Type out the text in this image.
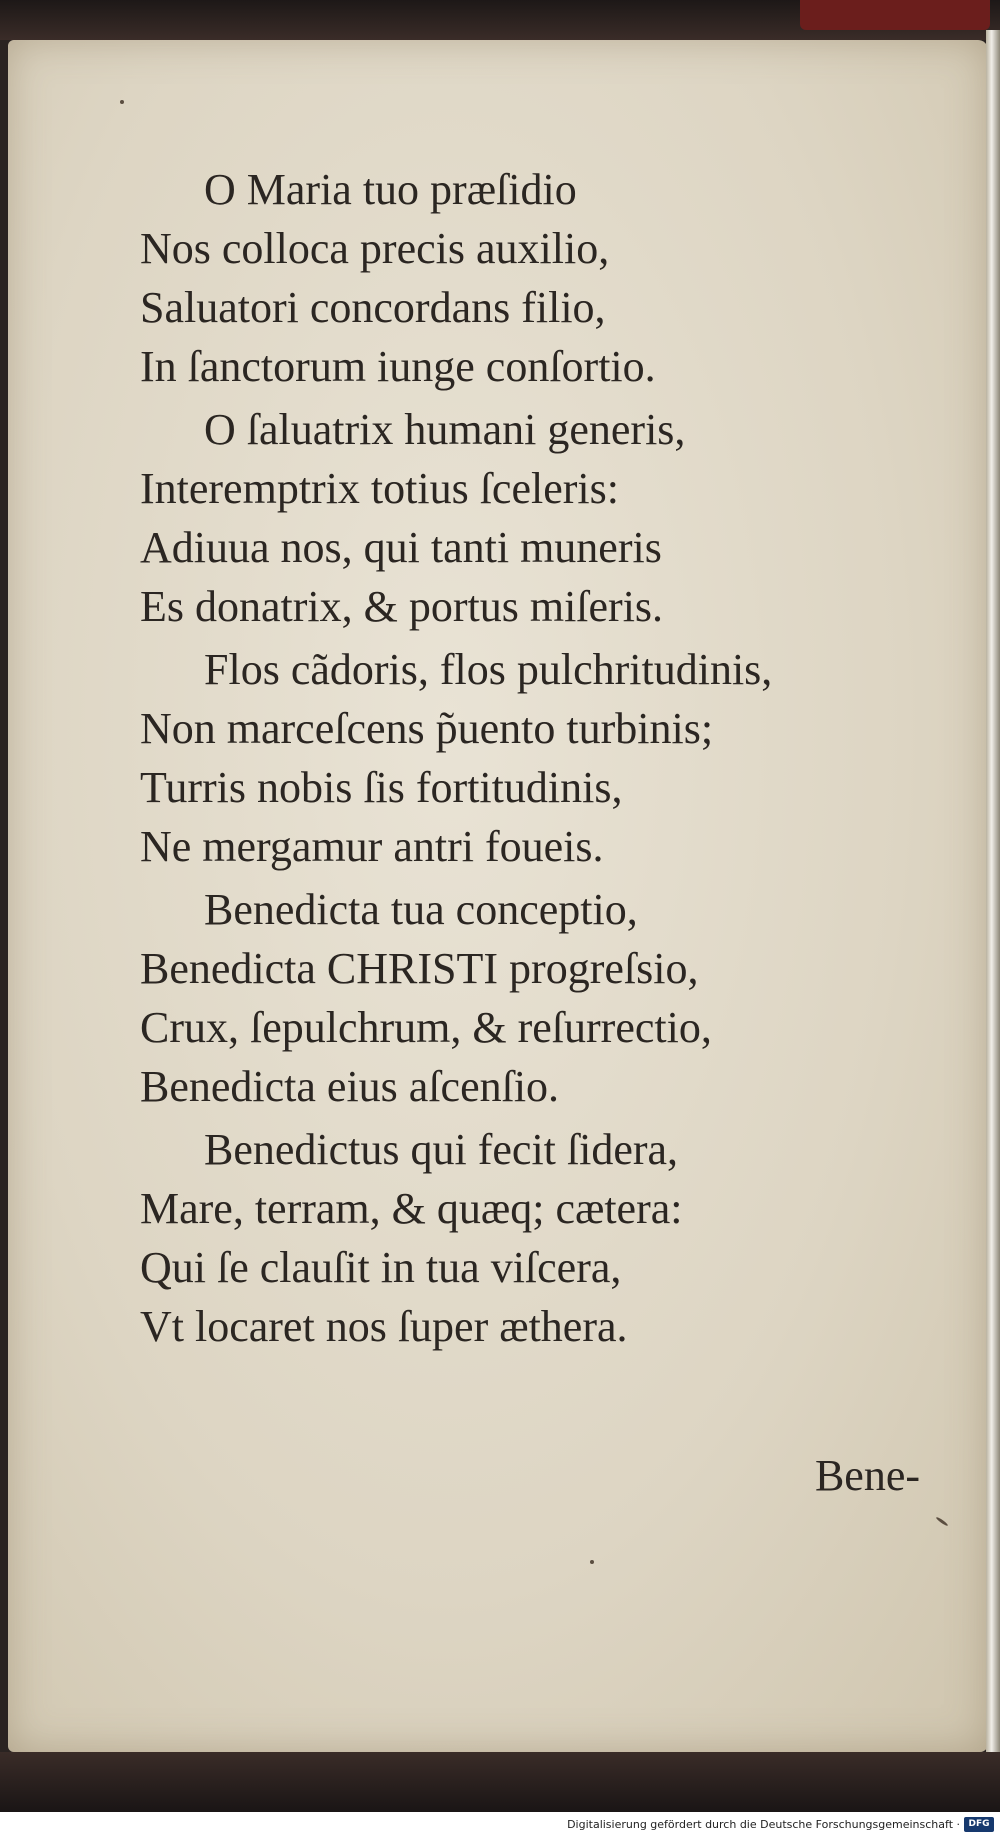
O Maria tuo præſidio
Nos colloca precis auxilio,
Saluatori concordans filio,
In ſanctorum iunge conſortio.
O ſaluatrix humani generis,
Interemptrix totius ſceleris:
Adiuua nos, qui tanti muneris
Es donatrix, & portus miſeris.
Flos cãdoris, flos pulchritudinis,
Non marceſcens p̃uento turbinis;
Turris nobis ſis fortitudinis,
Ne mergamur antri foueis.
Benedicta tua conceptio,
Benedicta CHRISTI progreſsio,
Crux, ſepulchrum, & reſurrectio,
Benedicta eius aſcenſio.
Benedictus qui fecit ſidera,
Mare, terram, & quæq; cætera:
Qui ſe clauſit in tua viſcera,
Vt locaret nos ſuper æthera.
Bene-
Digitalisierung gefördert durch die Deutsche Forschungsgemeinschaft · DFG
